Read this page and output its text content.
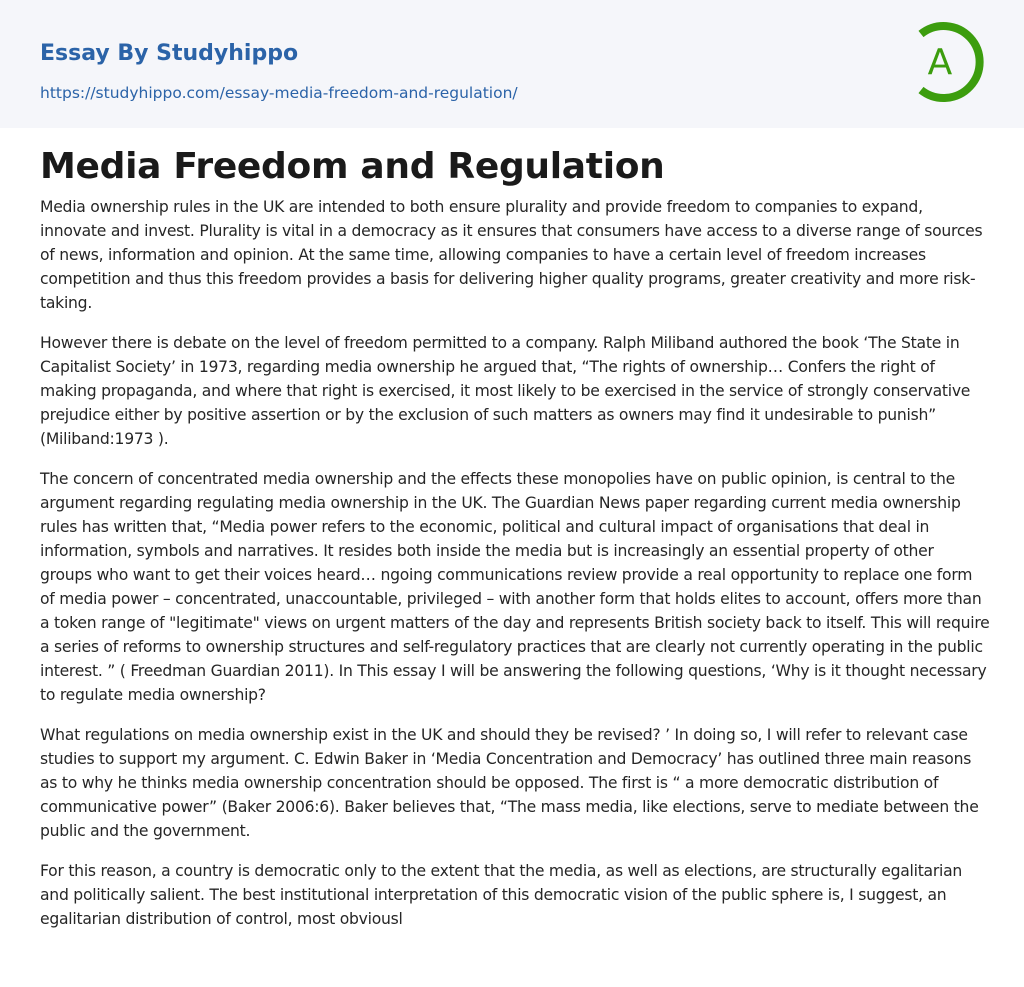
Essay By Studyhippo
https://studyhippo.com/essay-media-freedom-and-regulation/
A
Media Freedom and Regulation

Media ownership rules in the UK are intended to both ensure plurality and provide freedom to companies to expand, innovate and invest. Plurality is vital in a democracy as it ensures that consumers have access to a diverse range of sources of news, information and opinion. At the same time, allowing companies to have a certain level of freedom increases competition and thus this freedom provides a basis for delivering higher quality programs, greater creativity and more risk-taking.

However there is debate on the level of freedom permitted to a company. Ralph Miliband authored the book ‘The State in Capitalist Society’ in 1973, regarding media ownership he argued that, “The rights of ownership… Confers the right of making propaganda, and where that right is exercised, it most likely to be exercised in the service of strongly conservative prejudice either by positive assertion or by the exclusion of such matters as owners may find it undesirable to punish” (Miliband:1973 ).

The concern of concentrated media ownership and the effects these monopolies have on public opinion, is central to the argument regarding regulating media ownership in the UK. The Guardian News paper regarding current media ownership rules has written that, “Media power refers to the economic, political and cultural impact of organisations that deal in information, symbols and narratives. It resides both inside the media but is increasingly an essential property of other groups who want to get their voices heard… ngoing communications review provide a real opportunity to replace one form of media power – concentrated, unaccountable, privileged – with another form that holds elites to account, offers more than a token range of "legitimate" views on urgent matters of the day and represents British society back to itself. This will require a series of reforms to ownership structures and self-regulatory practices that are clearly not currently operating in the public interest. ” ( Freedman Guardian 2011). In This essay I will be answering the following questions, ‘Why is it thought necessary to regulate media ownership?

What regulations on media ownership exist in the UK and should they be revised? ’ In doing so, I will refer to relevant case studies to support my argument. C. Edwin Baker in ‘Media Concentration and Democracy’ has outlined three main reasons as to why he thinks media ownership concentration should be opposed. The first is “ a more democratic distribution of communicative power” (Baker 2006:6). Baker believes that, “The mass media, like elections, serve to mediate between the public and the government.

For this reason, a country is democratic only to the extent that the media, as well as elections, are structurally egalitarian and politically salient. The best institutional interpretation of this democratic vision of the public sphere is, I suggest, an egalitarian distribution of control, most obviousl
